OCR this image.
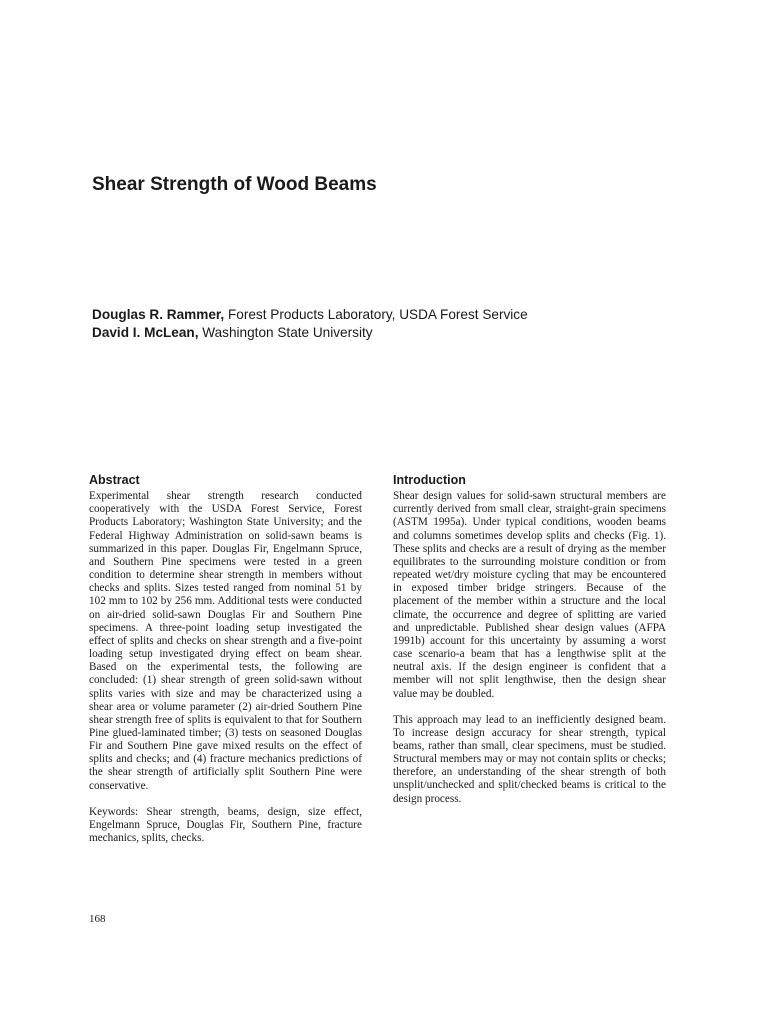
Shear Strength of Wood Beams
Douglas R. Rammer, Forest Products Laboratory, USDA Forest Service
David I. McLean, Washington State University
Abstract

Experimental shear strength research conducted cooperatively with the USDA Forest Service, Forest Products Laboratory; Washington State University; and the Federal Highway Administration on solid-sawn beams is summarized in this paper. Douglas Fir, Engelmann Spruce, and Southern Pine specimens were tested in a green condition to determine shear strength in members without checks and splits. Sizes tested ranged from nominal 51 by 102 mm to 102 by 256 mm. Additional tests were conducted on air-dried solid-sawn Douglas Fir and Southern Pine specimens. A three-point loading setup investigated the effect of splits and checks on shear strength and a five-point loading setup investigated drying effect on beam shear. Based on the experimental tests, the following are concluded: (1) shear strength of green solid-sawn without splits varies with size and may be characterized using a shear area or volume parameter (2) air-dried Southern Pine shear strength free of splits is equivalent to that for Southern Pine glued-laminated timber; (3) tests on seasoned Douglas Fir and Southern Pine gave mixed results on the effect of splits and checks; and (4) fracture mechanics predictions of the shear strength of artificially split Southern Pine were conservative.

Keywords: Shear strength, beams, design, size effect, Engelmann Spruce, Douglas Fir, Southern Pine, fracture mechanics, splits, checks.

Introduction

Shear design values for solid-sawn structural members are currently derived from small clear, straight-grain specimens (ASTM 1995a). Under typical conditions, wooden beams and columns sometimes develop splits and checks (Fig. 1). These splits and checks are a result of drying as the member equilibrates to the surrounding moisture condition or from repeated wet/dry moisture cycling that may be encountered in exposed timber bridge stringers. Because of the placement of the member within a structure and the local climate, the occurrence and degree of splitting are varied and unpredictable. Published shear design values (AFPA 1991b) account for this uncertainty by assuming a worst case scenario-a beam that has a lengthwise split at the neutral axis. If the design engineer is confident that a member will not split lengthwise, then the design shear value may be doubled.

This approach may lead to an inefficiently designed beam. To increase design accuracy for shear strength, typical beams, rather than small, clear specimens, must be studied. Structural members may or may not contain splits or checks; therefore, an understanding of the shear strength of both unsplit/unchecked and split/checked beams is critical to the design process.

168
